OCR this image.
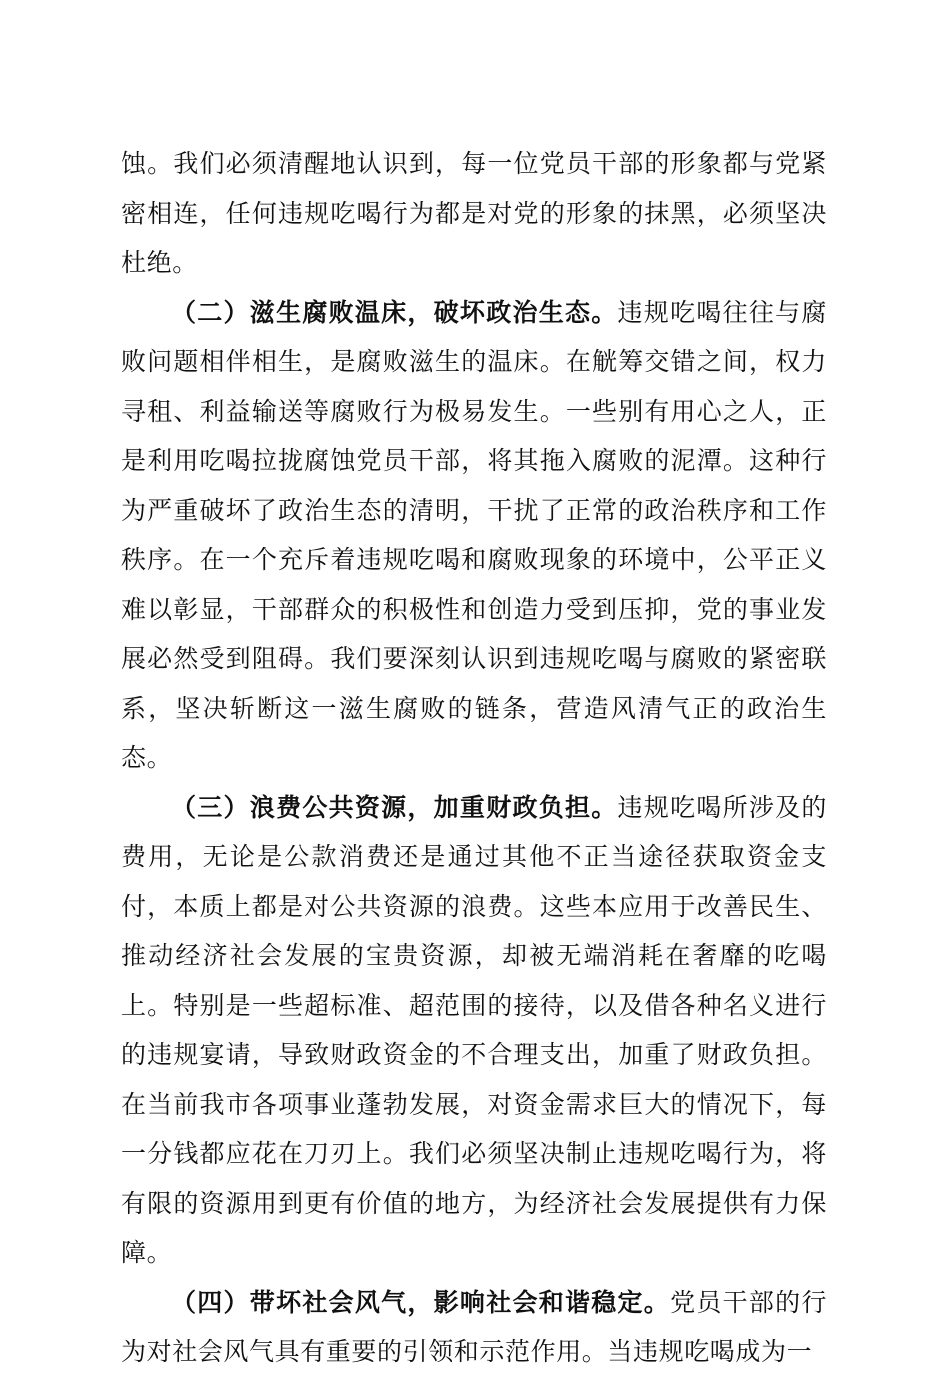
蚀。我们必须清醒地认识到，每一位党员干部的形象都与党紧密相连，任何违规吃喝行为都是对党的形象的抹黑，必须坚决杜绝。

（二）滋生腐败温床，破坏政治生态。违规吃喝往往与腐败问题相伴相生，是腐败滋生的温床。在觥筹交错之间，权力寻租、利益输送等腐败行为极易发生。一些别有用心之人，正是利用吃喝拉拢腐蚀党员干部，将其拖入腐败的泥潭。这种行为严重破坏了政治生态的清明，干扰了正常的政治秩序和工作秩序。在一个充斥着违规吃喝和腐败现象的环境中，公平正义难以彰显，干部群众的积极性和创造力受到压抑，党的事业发展必然受到阻碍。我们要深刻认识到违规吃喝与腐败的紧密联系，坚决斩断这一滋生腐败的链条，营造风清气正的政治生态。

（三）浪费公共资源，加重财政负担。违规吃喝所涉及的费用，无论是公款消费还是通过其他不正当途径获取资金支付，本质上都是对公共资源的浪费。这些本应用于改善民生、推动经济社会发展的宝贵资源，却被无端消耗在奢靡的吃喝上。特别是一些超标准、超范围的接待，以及借各种名义进行的违规宴请，导致财政资金的不合理支出，加重了财政负担。在当前我市各项事业蓬勃发展，对资金需求巨大的情况下，每一分钱都应花在刀刃上。我们必须坚决制止违规吃喝行为，将有限的资源用到更有价值的地方，为经济社会发展提供有力保障。

（四）带坏社会风气，影响社会和谐稳定。党员干部的行为对社会风气具有重要的引领和示范作用。当违规吃喝成为一
